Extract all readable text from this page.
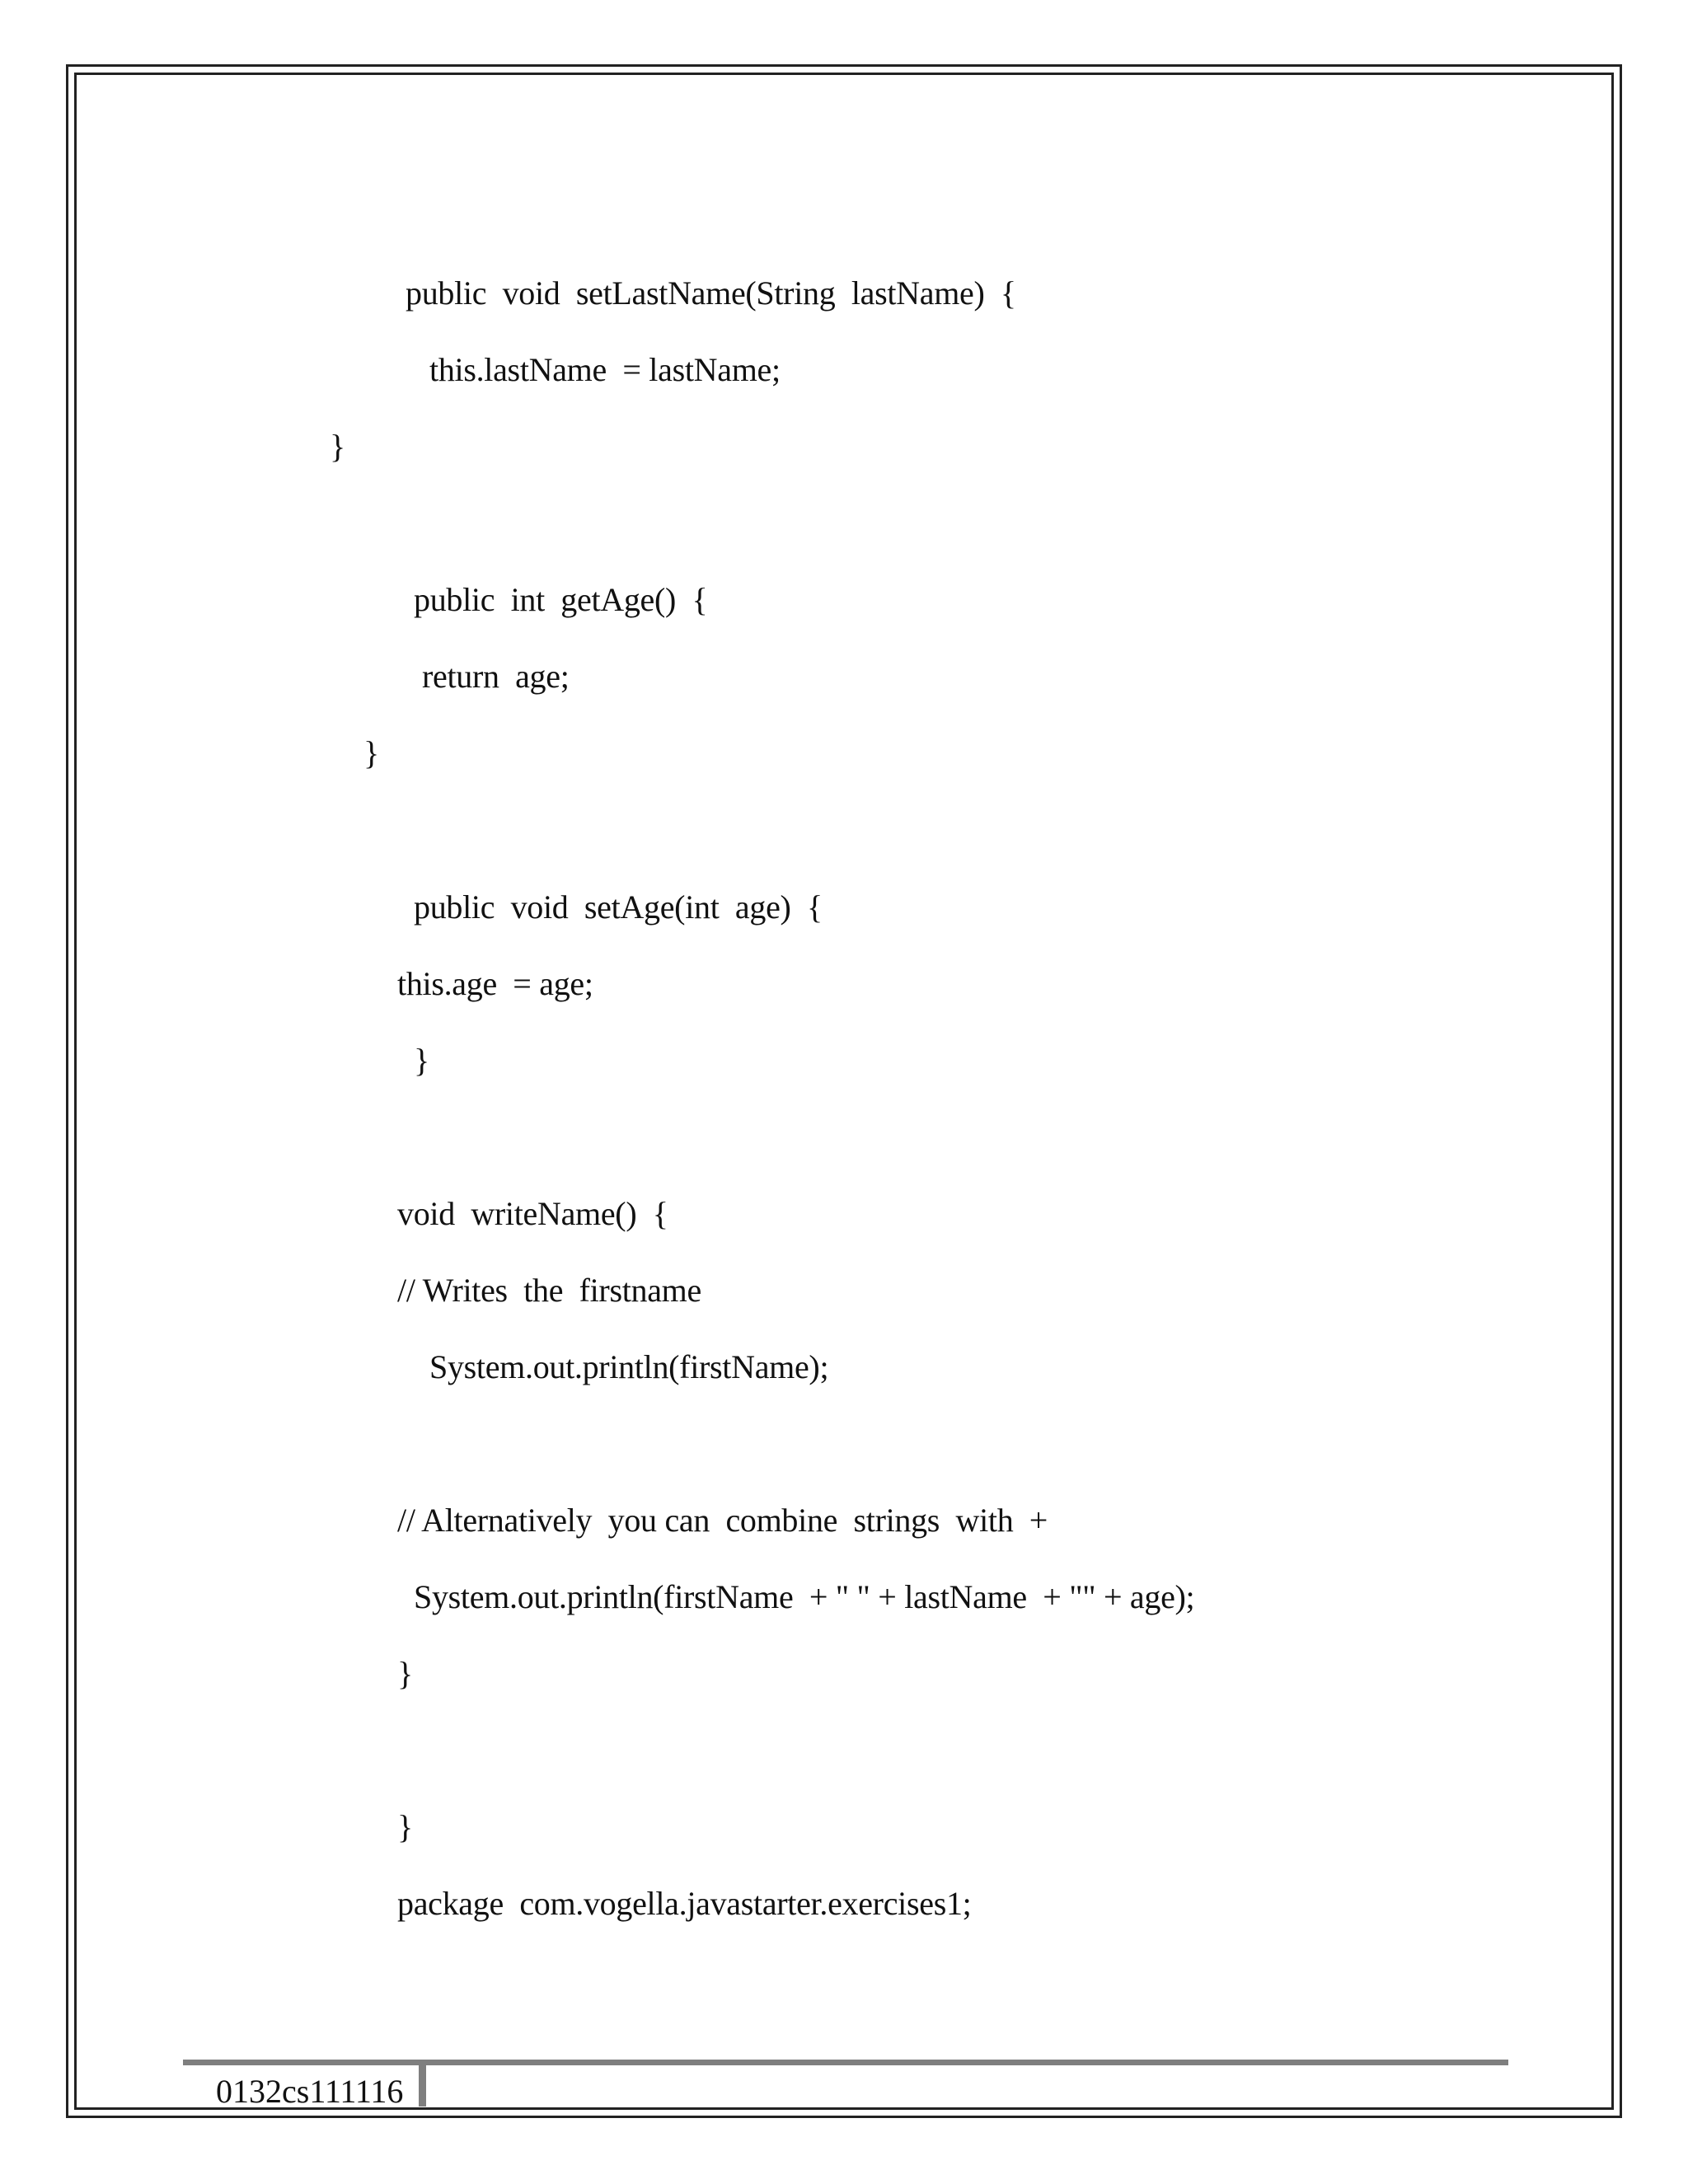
public  void  setLastName(String  lastName)  {
this.lastName  = lastName;
}
public  int  getAge()  {
return  age;
}
public  void  setAge(int  age)  {
this.age  = age;
}
void  writeName()  {
// Writes  the  firstname
System.out.println(firstName);
// Alternatively  you can  combine  strings  with  +
System.out.println(firstName  + " " + lastName  + "" + age);
}
}
package  com.vogella.javastarter.exercises1;
0132cs111116
